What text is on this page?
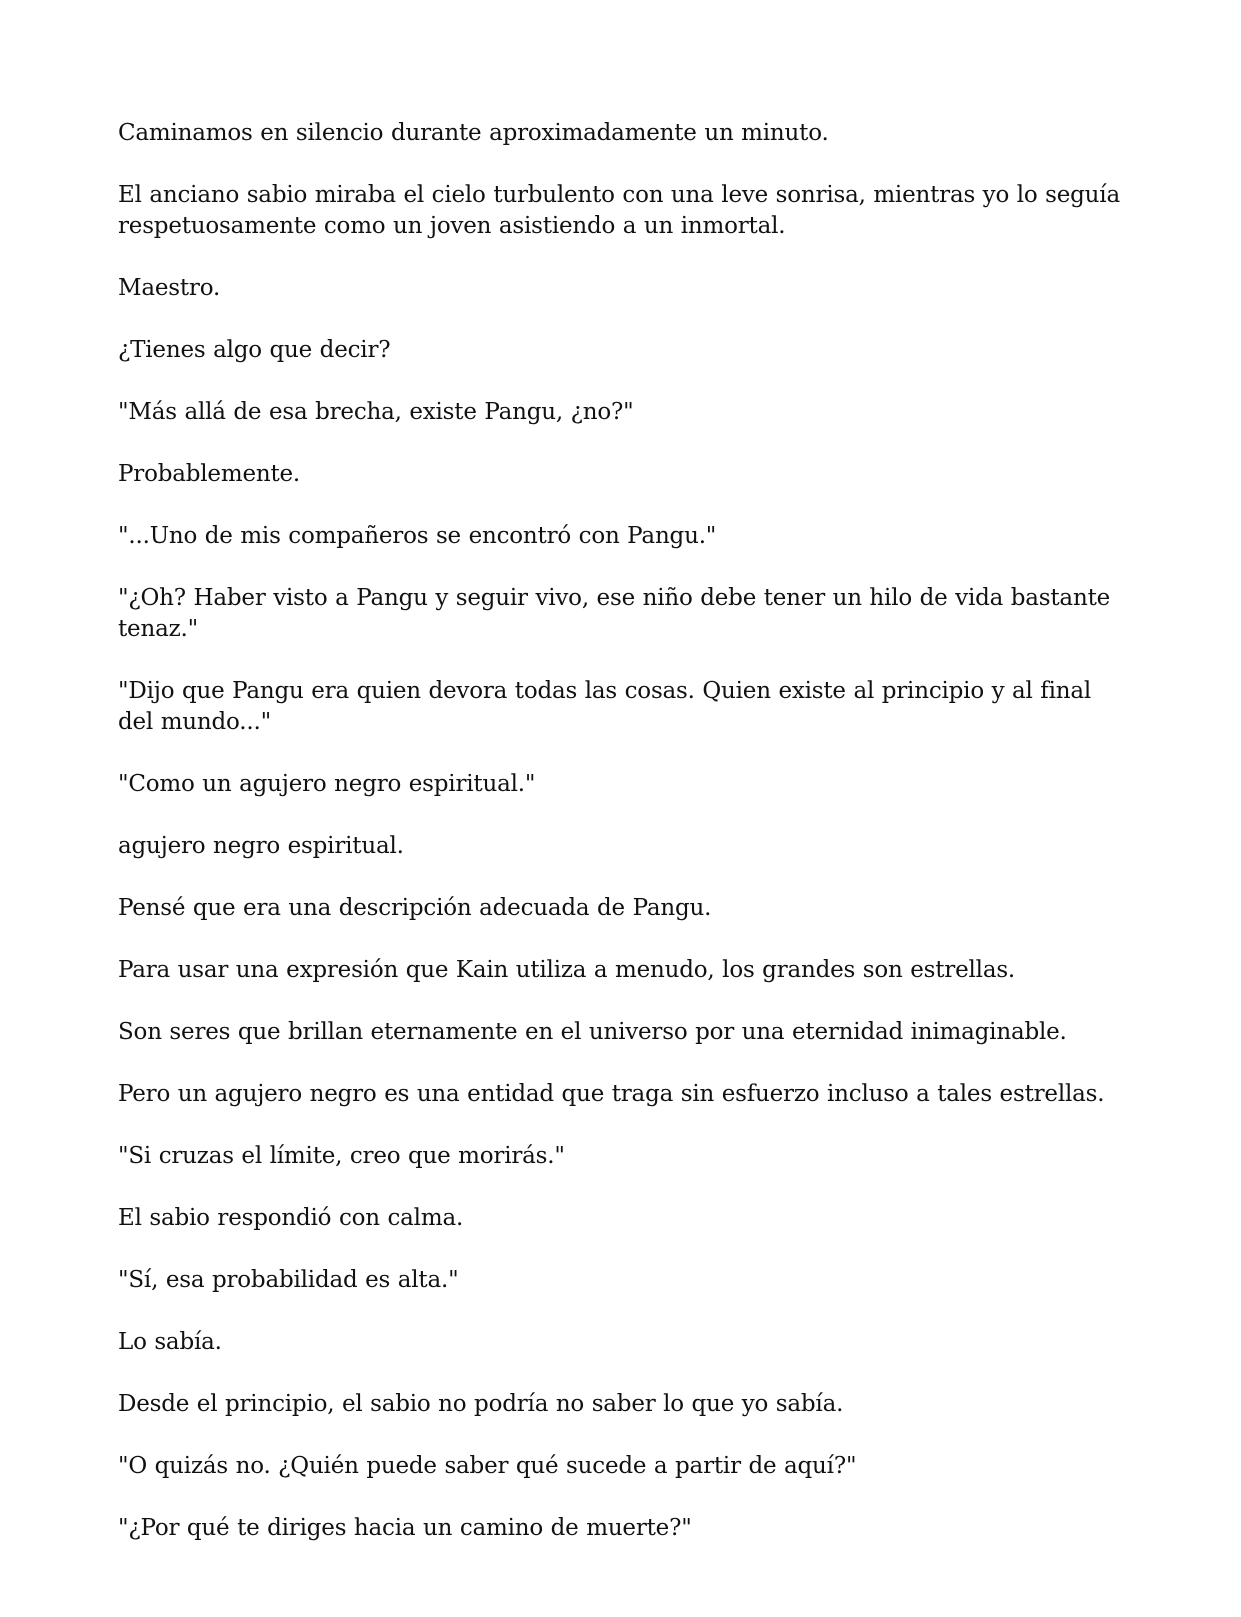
Caminamos en silencio durante aproximadamente un minuto.

El anciano sabio miraba el cielo turbulento con una leve sonrisa, mientras yo lo seguía respetuosamente como un joven asistiendo a un inmortal.

Maestro.

¿Tienes algo que decir?

"Más allá de esa brecha, existe Pangu, ¿no?"

Probablemente.

"...Uno de mis compañeros se encontró con Pangu."

"¿Oh? Haber visto a Pangu y seguir vivo, ese niño debe tener un hilo de vida bastante tenaz."

"Dijo que Pangu era quien devora todas las cosas. Quien existe al principio y al final del mundo..."

"Como un agujero negro espiritual."

agujero negro espiritual.

Pensé que era una descripción adecuada de Pangu.

Para usar una expresión que Kain utiliza a menudo, los grandes son estrellas.

Son seres que brillan eternamente en el universo por una eternidad inimaginable.

Pero un agujero negro es una entidad que traga sin esfuerzo incluso a tales estrellas.

"Si cruzas el límite, creo que morirás."

El sabio respondió con calma.

"Sí, esa probabilidad es alta."

Lo sabía.

Desde el principio, el sabio no podría no saber lo que yo sabía.

"O quizás no. ¿Quién puede saber qué sucede a partir de aquí?"

"¿Por qué te diriges hacia un camino de muerte?"
